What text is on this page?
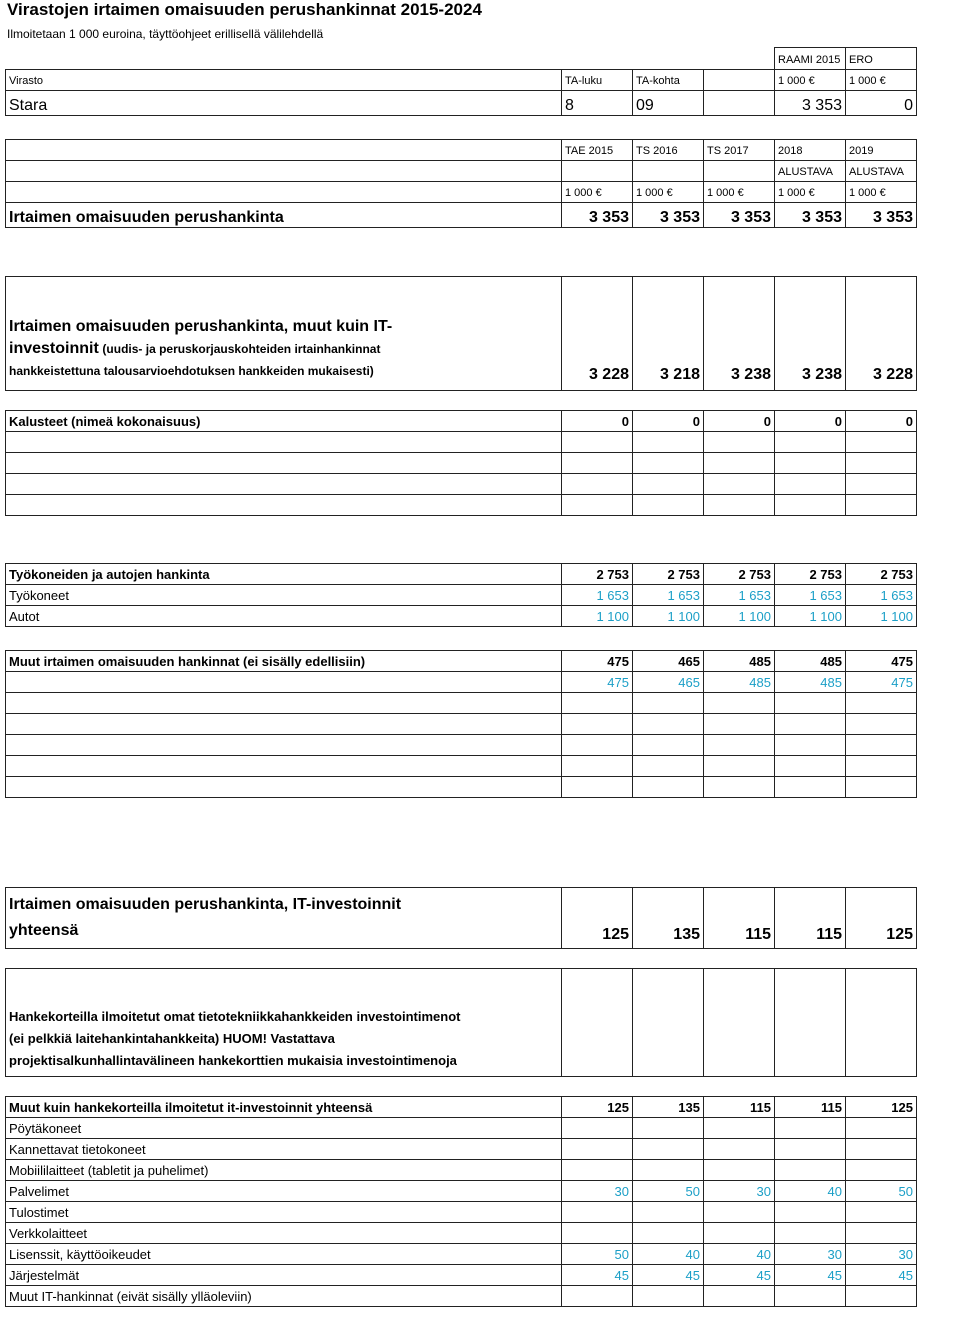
Virastojen irtaimen omaisuuden perushankinnat 2015-2024
Ilmoitetaan 1 000 euroina, täyttöohjeet erillisellä välilehdellä
				RAAMI 2015	ERO
Virasto	TA-luku	TA-kohta		1 000 €	1 000 €
Stara	8	09		3 353	0
	TAE 2015	TS 2016	TS 2017	2018	2019
				ALUSTAVA	ALUSTAVA
	1 000 €	1 000 €	1 000 €	1 000 €	1 000 €
Irtaimen omaisuuden perushankinta	3 353	3 353	3 353	3 353	3 353
Irtaimen omaisuuden perushankinta, muut kuin IT-
investoinnit (uudis- ja peruskorjauskohteiden irtainhankinnat
hankkeistettuna talousarvioehdotuksen hankkeiden mukaisesti)	3 228	3 218	3 238	3 238	3 228
Kalusteet (nimeä kokonaisuus)	0	0	0	0	0

Työkoneiden ja autojen hankinta	2 753	2 753	2 753	2 753	2 753
Työkoneet	1 653	1 653	1 653	1 653	1 653
Autot	1 100	1 100	1 100	1 100	1 100
Muut irtaimen omaisuuden hankinnat (ei sisälly edellisiin)	475	465	485	485	475
	475	465	485	485	475

Irtaimen omaisuuden perushankinta, IT-investoinnit
yhteensä	125	135	115	115	125
Hankekorteilla ilmoitetut omat tietotekniikkahankkeiden investointimenot
(ei pelkkiä laitehankintahankkeita) HUOM! Vastattava
projektisalkunhallintavälineen hankekorttien mukaisia investointimenoja

Muut kuin hankekorteilla ilmoitetut it-investoinnit yhteensä	125	135	115	115	125
Pöytäkoneet					
Kannettavat tietokoneet					
Mobiililaitteet (tabletit ja puhelimet)					
Palvelimet	30	50	30	40	50
Tulostimet					
Verkkolaitteet					
Lisenssit, käyttöoikeudet	50	40	40	30	30
Järjestelmät	45	45	45	45	45
Muut IT-hankinnat (eivät sisälly ylläoleviin)					
